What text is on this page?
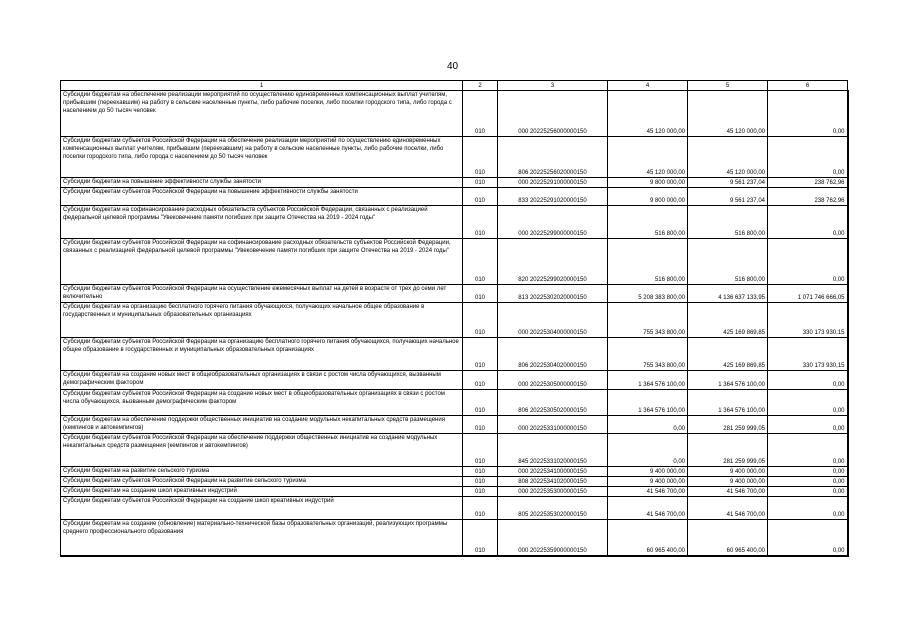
40
1	2	3	4	5	6
Субсидии бюджетам на обеспечение реализации мероприятий по осуществлению единовременных компенсационных выплат учителям, прибывшим (переехавшим) на работу в сельские населенные пункты, либо рабочие поселки, либо поселки городского типа, либо города с населением до 50 тысяч человек	010	000 20225256000000150	45 120 000,00	45 120 000,00	0,00
Субсидии бюджетам субъектов Российской Федерации на обеспечение реализации мероприятий по осуществлению единовременных компенсационных выплат учителям, прибывшим (переехавшим) на работу в сельские населенные пункты, либо рабочие поселки, либо поселки городского типа, либо города с населением до 50 тысяч человек	010	806 20225256020000150	45 120 000,00	45 120 000,00	0,00
Субсидии бюджетам на повышение эффективности службы занятости	010	000 20225291000000150	9 800 000,00	9 561 237,04	238 762,96
Субсидии бюджетам субъектов Российской Федерации на повышение эффективности службы занятости	010	833 20225291020000150	9 800 000,00	9 561 237,04	238 762,96
Субсидии бюджетам на софинансирование расходных обязательств субъектов Российской Федерации, связанных с реализацией федеральной целевой программы "Увековечение памяти погибших при защите Отечества на 2019 - 2024 годы"	010	000 20225299000000150	516 800,00	516 800,00	0,00
Субсидии бюджетам субъектов Российской Федерации на софинансирование расходных обязательств субъектов Российской Федерации, связанных с реализацией федеральной целевой программы "Увековечение памяти погибших при защите Отечества на 2019 - 2024 годы"	010	820 20225299020000150	516 800,00	516 800,00	0,00
Субсидии бюджетам субъектов Российской Федерации на осуществление ежемесячных выплат на детей в возрасте от трех до семи лет включительно	010	813 20225302020000150	5 208 383 800,00	4 136 637 133,95	1 071 746 666,05
Субсидии бюджетам на организацию бесплатного горячего питания обучающихся, получающих начальное общее образование в государственных и муниципальных образовательных организациях	010	000 20225304000000150	755 343 800,00	425 169 869,85	330 173 930,15
Субсидии бюджетам субъектов Российской Федерации на организацию бесплатного горячего питания обучающихся, получающих начальное общее образование в государственных и муниципальных образовательных организациях	010	806 20225304020000150	755 343 800,00	425 169 869,85	330 173 930,15
Субсидии бюджетам на создание новых мест в общеобразовательных организациях в связи с ростом числа обучающихся, вызванным демографическим фактором	010	000 20225305000000150	1 364 576 100,00	1 364 576 100,00	0,00
Субсидии бюджетам субъектов Российской Федерации на создание новых мест в общеобразовательных организациях в связи с ростом числа обучающихся, вызванным демографическим фактором	010	806 20225305020000150	1 364 576 100,00	1 364 576 100,00	0,00
Субсидии бюджетам на обеспечение поддержки общественных инициатив на создание модульных некапитальных средств размещения (кемпингов и автокемпингов)	010	000 20225331000000150	0,00	281 259 999,05	0,00
Субсидии бюджетам субъектов Российской Федерации на обеспечение поддержки общественных инициатив на создание модульных некапитальных средств размещения (кемпингов и автокемпингов)	010	845 20225331020000150	0,00	281 259 999,05	0,00
Субсидии бюджетам на развитие сельского туризма	010	000 20225341000000150	9 400 000,00	9 400 000,00	0,00
Субсидии бюджетам субъектов Российской Федерации на развитие сельского туризма	010	808 20225341020000150	9 400 000,00	9 400 000,00	0,00
Субсидии бюджетам на создание школ креативных индустрий	010	000 20225353000000150	41 546 700,00	41 546 700,00	0,00
Субсидии бюджетам субъектов Российской Федерации на создание школ креативных индустрий	010	805 20225353020000150	41 546 700,00	41 546 700,00	0,00
Субсидии бюджетам на создание (обновление) материально-технической базы образовательных организаций, реализующих программы среднего профессионального образования	010	000 20225359000000150	60 965 400,00	60 965 400,00	0,00
